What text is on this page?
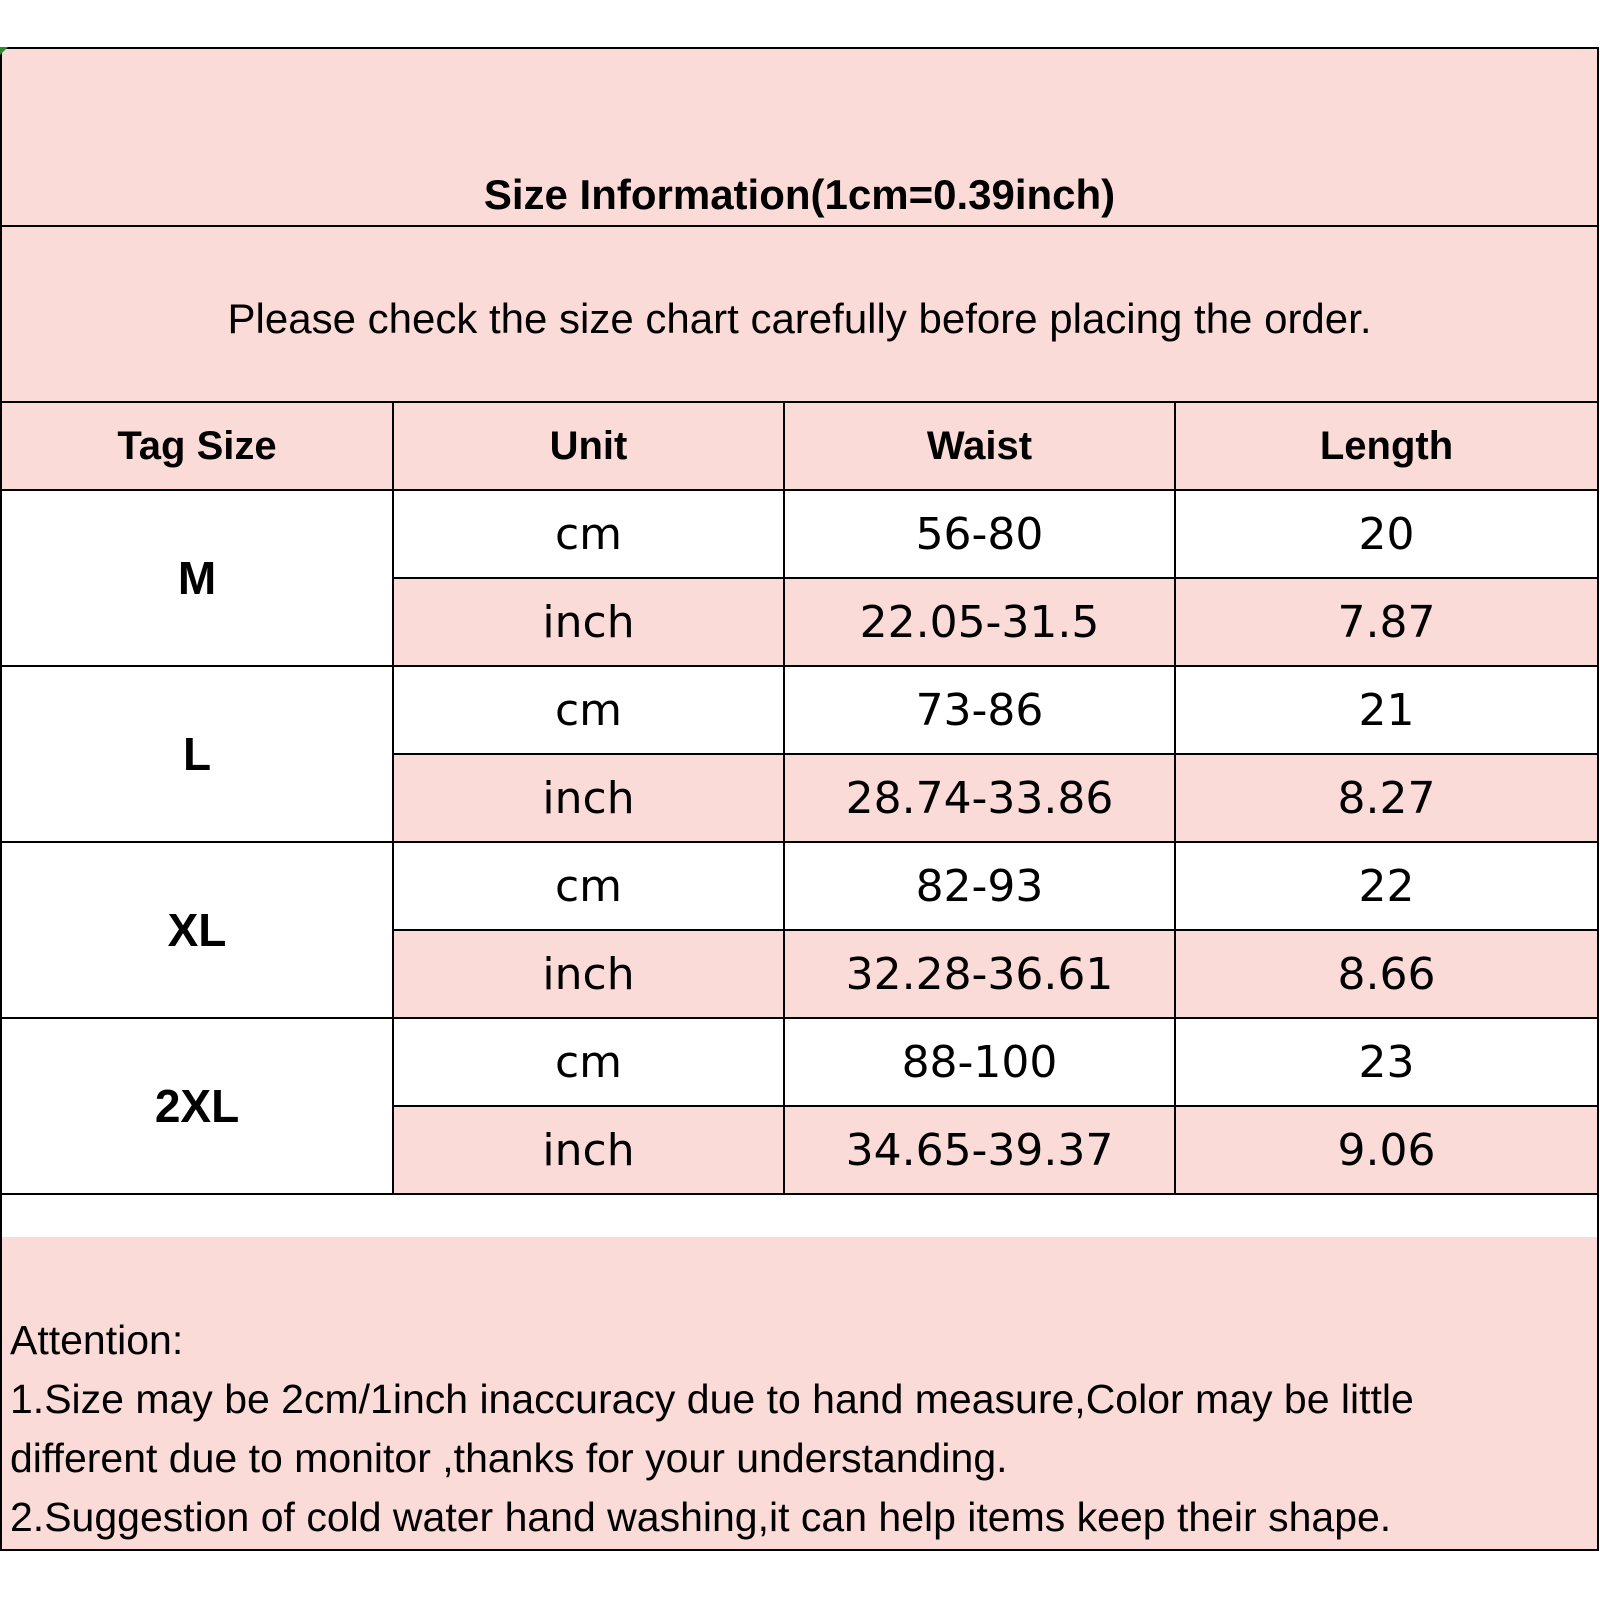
Size Information(1cm=0.39inch)
Please check the size chart carefully before placing the order.
Tag Size	Unit	Waist	Length
M	cm	56-80	20
	inch	22.05-31.5	7.87
L	cm	73-86	21
	inch	28.74-33.86	8.27
XL	cm	82-93	22
	inch	32.28-36.61	8.66
2XL	cm	88-100	23
	inch	34.65-39.37	9.06
Attention:
1.Size may be 2cm/1inch inaccuracy due to hand measure,Color may be little
different due to monitor ,thanks for your understanding.
2.Suggestion of cold water hand washing,it can help items keep their shape.
